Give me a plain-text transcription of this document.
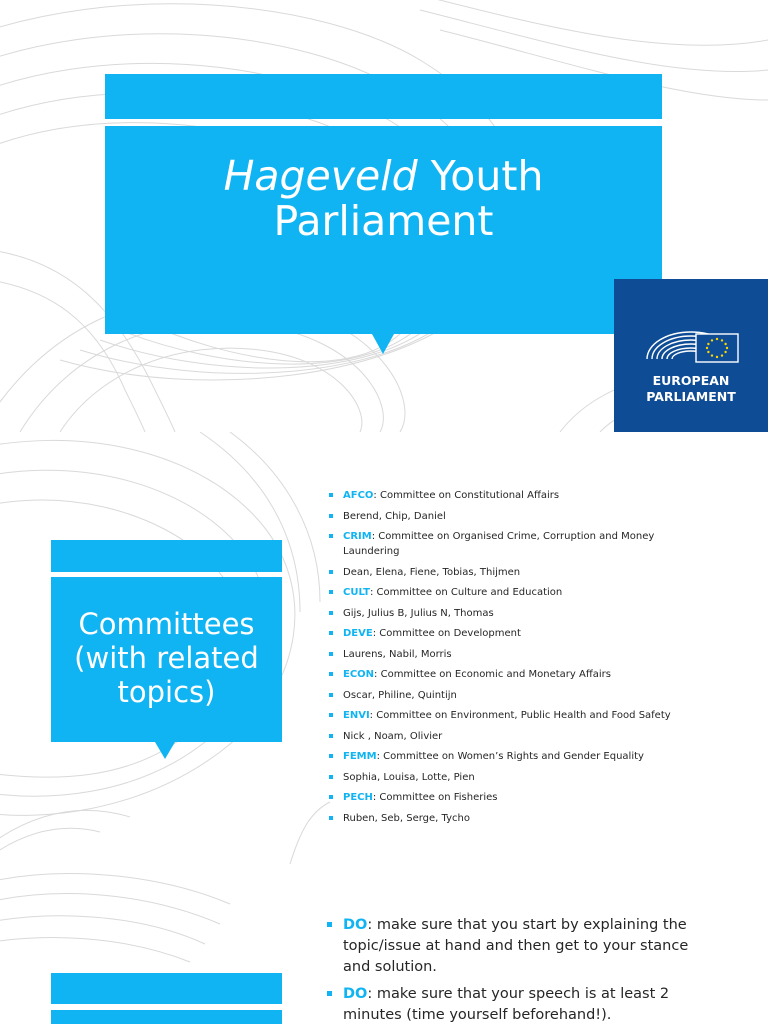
Hageveld Youth
Parliament
EUROPEAN
PARLIAMENT
Committees
(with related
topics)
AFCO: Committee on Constitutional Affairs
Berend, Chip, Daniel
CRIM: Committee on Organised Crime, Corruption and Money Laundering
Dean, Elena, Fiene, Tobias, Thijmen
CULT: Committee on Culture and Education
Gijs, Julius B, Julius N, Thomas
DEVE: Committee on Development
Laurens, Nabil, Morris
ECON: Committee on Economic and Monetary Affairs
Oscar, Philine, Quintijn
ENVI: Committee on Environment, Public Health and Food Safety
Nick , Noam, Olivier
FEMM: Committee on Women’s Rights and Gender Equality
Sophia, Louisa, Lotte, Pien
PECH: Committee on Fisheries
Ruben, Seb, Serge, Tycho
DO: make sure that you start by explaining the topic/issue at hand and then get to your stance and solution.
DO: make sure that your speech is at least 2 minutes (time yourself beforehand!).
